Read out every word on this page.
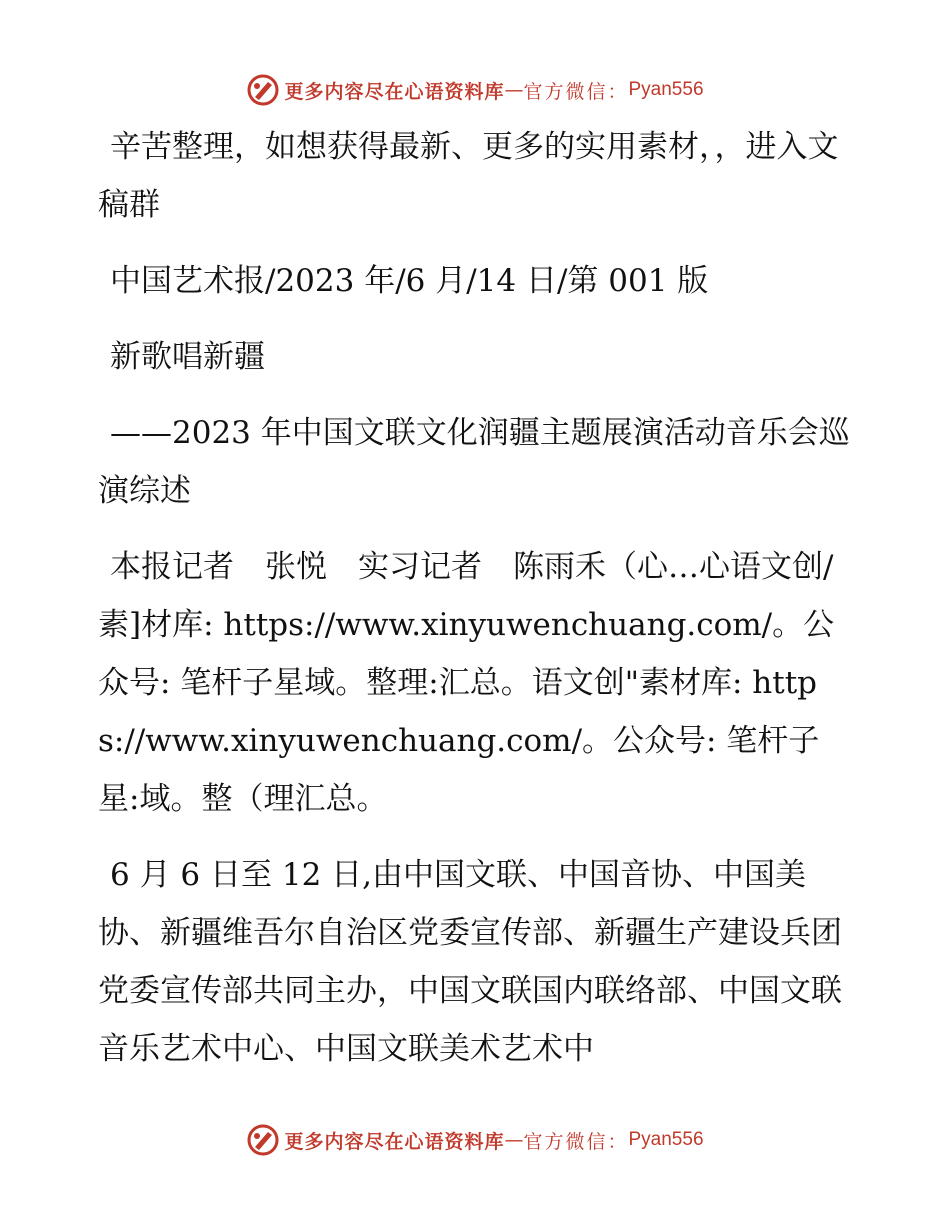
更多内容尽在心语资料库 — 官方微信： Pyan556

辛苦整理，如想获得最新、更多的实用素材，，进入文稿群

中国艺术报/2023 年/6 月/14 日/第 001 版

新歌唱新疆

——2023 年中国文联文化润疆主题展演活动音乐会巡演综述

本报记者　张悦　实习记者　陈雨禾（心…心语文创/素]材库: https://www.xinyuwenchuang.com/。公众号: 笔杆子星域。整理:汇总。语文创"素材库: https://www.xinyuwenchuang.com/。公众号: 笔杆子星:域。整（理汇总。

6 月 6 日至 12 日,由中国文联、中国音协、中国美协、新疆维吾尔自治区党委宣传部、新疆生产建设兵团党委宣传部共同主办，中国文联国内联络部、中国文联音乐艺术中心、中国文联美术艺术中

更多内容尽在心语资料库 — 官方微信： Pyan556
